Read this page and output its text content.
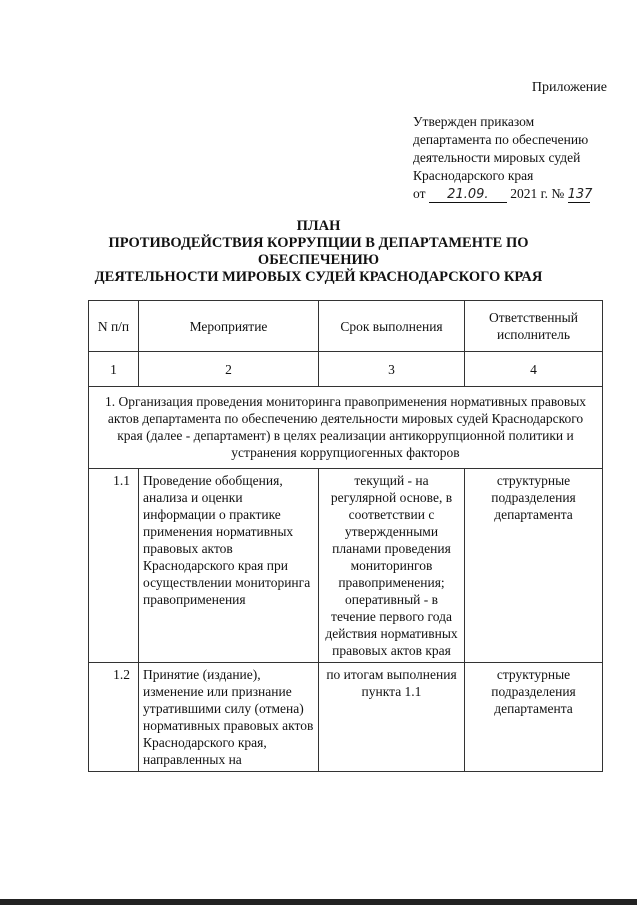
Приложение
Утвержден приказом
департамента по обеспечению
деятельности мировых судей
Краснодарского края
от 21.09. 2021 г. № 137
ПЛАН
ПРОТИВОДЕЙСТВИЯ КОРРУПЦИИ В ДЕПАРТАМЕНТЕ ПО
ОБЕСПЕЧЕНИЮ
ДЕЯТЕЛЬНОСТИ МИРОВЫХ СУДЕЙ КРАСНОДАРСКОГО КРАЯ
N п/п	Мероприятие	Срок выполнения	Ответственный исполнитель
1	2	3	4
1. Организация проведения мониторинга правоприменения нормативных правовых актов департамента по обеспечению деятельности мировых судей Краснодарского края (далее - департамент) в целях реализации антикоррупционной политики и устранения коррупциогенных факторов			
1.1	Проведение обобщения, анализа и оценки информации о практике применения нормативных правовых актов Краснодарского края при осуществлении мониторинга правоприменения	текущий - на регулярной основе, в соответствии с утвержденными планами проведения мониторингов правоприменения; оперативный - в течение первого года действия нормативных правовых актов края	структурные подразделения департамента
1.2	Принятие (издание), изменение или признание утратившими силу (отмена) нормативных правовых актов Краснодарского края, направленных на	по итогам выполнения пункта 1.1	структурные подразделения департамента
